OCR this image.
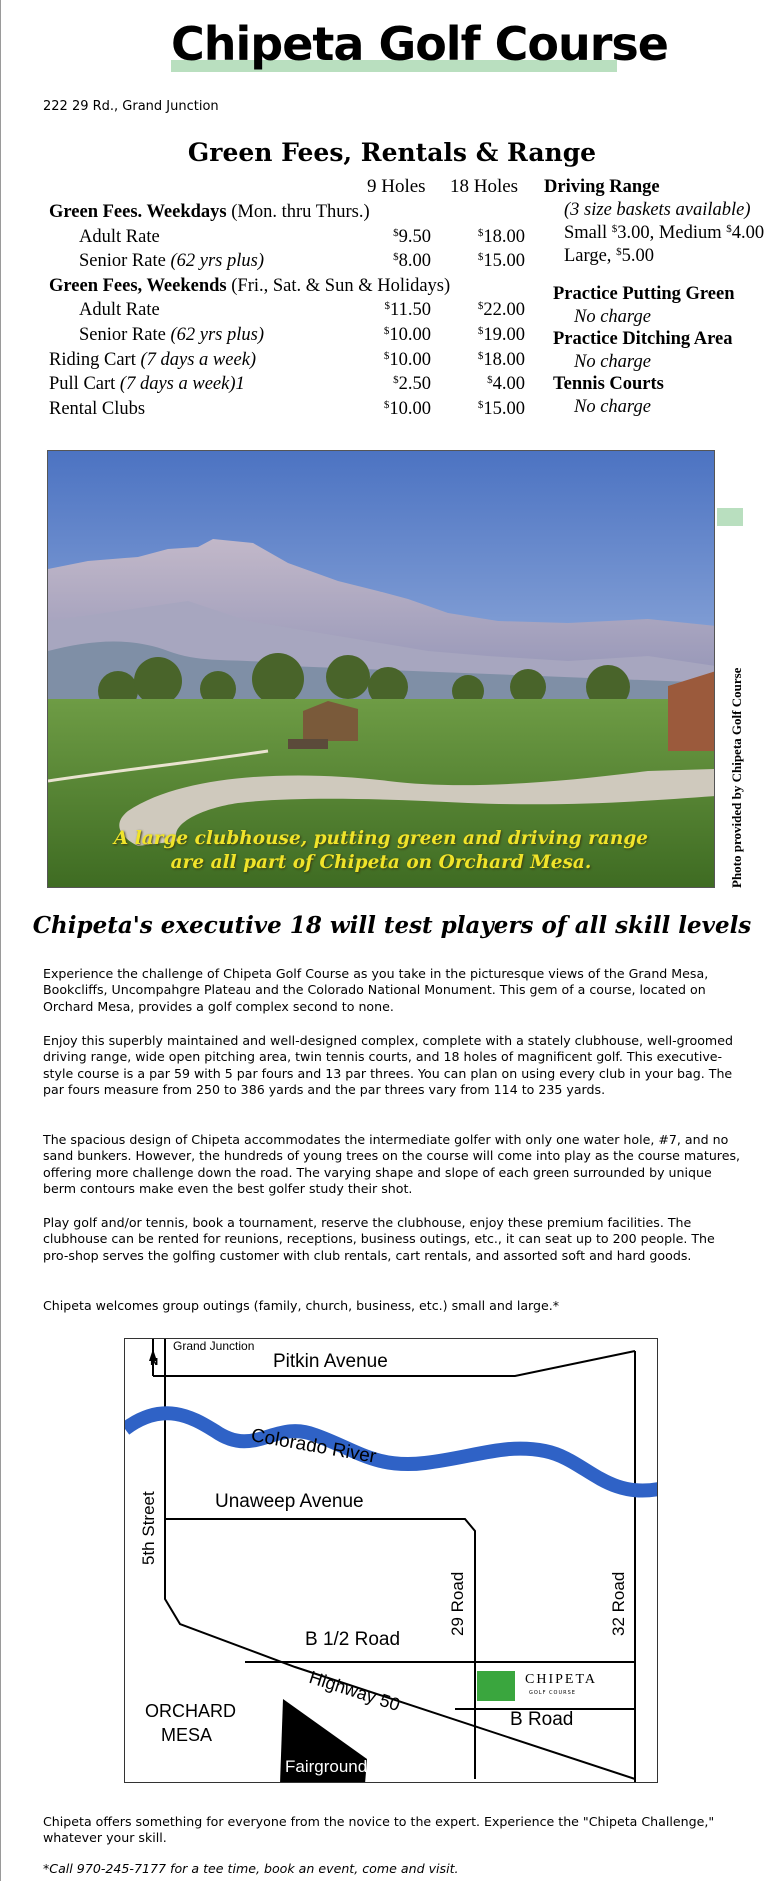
Chipeta Golf Course
222 29 Rd., Grand Junction
Green Fees, Rentals & Range
9 Holes 18 Holes
Green Fees. Weekdays (Mon. thru Thurs.)
Adult Rate	$9.50	$18.00
Senior Rate (62 yrs plus)	$8.00	$15.00
Green Fees, Weekends (Fri., Sat. & Sun & Holidays)
Adult Rate	$11.50	$22.00
Senior Rate (62 yrs plus)	$10.00	$19.00
Riding Cart (7 days a week)	$10.00	$18.00
Pull Cart (7 days a week)1	$2.50	$4.00
Rental Clubs	$10.00	$15.00
Driving Range
(3 size baskets available)
Small $3.00, Medium $4.00
Large, $5.00
Practice Putting Green
No charge
Practice Ditching Area
No charge
Tennis Courts
No charge
A large clubhouse, putting green and driving range
are all part of Chipeta on Orchard Mesa.	Photo provided by Chipeta Golf Course
Chipeta's executive 18 will test players of all skill levels
Experience the challenge of Chipeta Golf Course as you take in the picturesque views of the Grand Mesa, Bookcliffs, Uncompahgre Plateau and the Colorado National Monument. This gem of a course, located on Orchard Mesa, provides a golf complex second to none.
Enjoy this superbly maintained and well-designed complex, complete with a stately clubhouse, well-groomed driving range, wide open pitching area, twin tennis courts, and 18 holes of magnificent golf. This executive-style course is a par 59 with 5 par fours and 13 par threes. You can plan on using every club in your bag. The par fours measure from 250 to 386 yards and the par threes vary from 114 to 235 yards.
The spacious design of Chipeta accommodates the intermediate golfer with only one water hole, #7, and no sand bunkers. However, the hundreds of young trees on the course will come into play as the course matures, offering more challenge down the road. The varying shape and slope of each green surrounded by unique berm contours make even the best golfer study their shot.
Play golf and/or tennis, book a tournament, reserve the clubhouse, enjoy these premium facilities. The clubhouse can be rented for reunions, receptions, business outings, etc., it can seat up to 200 people. The pro-shop serves the golfing customer with club rentals, cart rentals, and assorted soft and hard goods.
Chipeta welcomes group outings (family, church, business, etc.) small and large.*
N
Grand Junction
Pitkin Avenue
Colorado River
Unaweep Avenue
5th Street
29 Road	32 Road
B 1/2 Road
Highway 50
B Road
ORCHARD
MESA
Fairgrounds
CHIPETA
GOLF COURSE
Chipeta offers something for everyone from the novice to the expert. Experience the "Chipeta Challenge," whatever your skill.
*Call 970-245-7177 for a tee time, book an event, come and visit.
